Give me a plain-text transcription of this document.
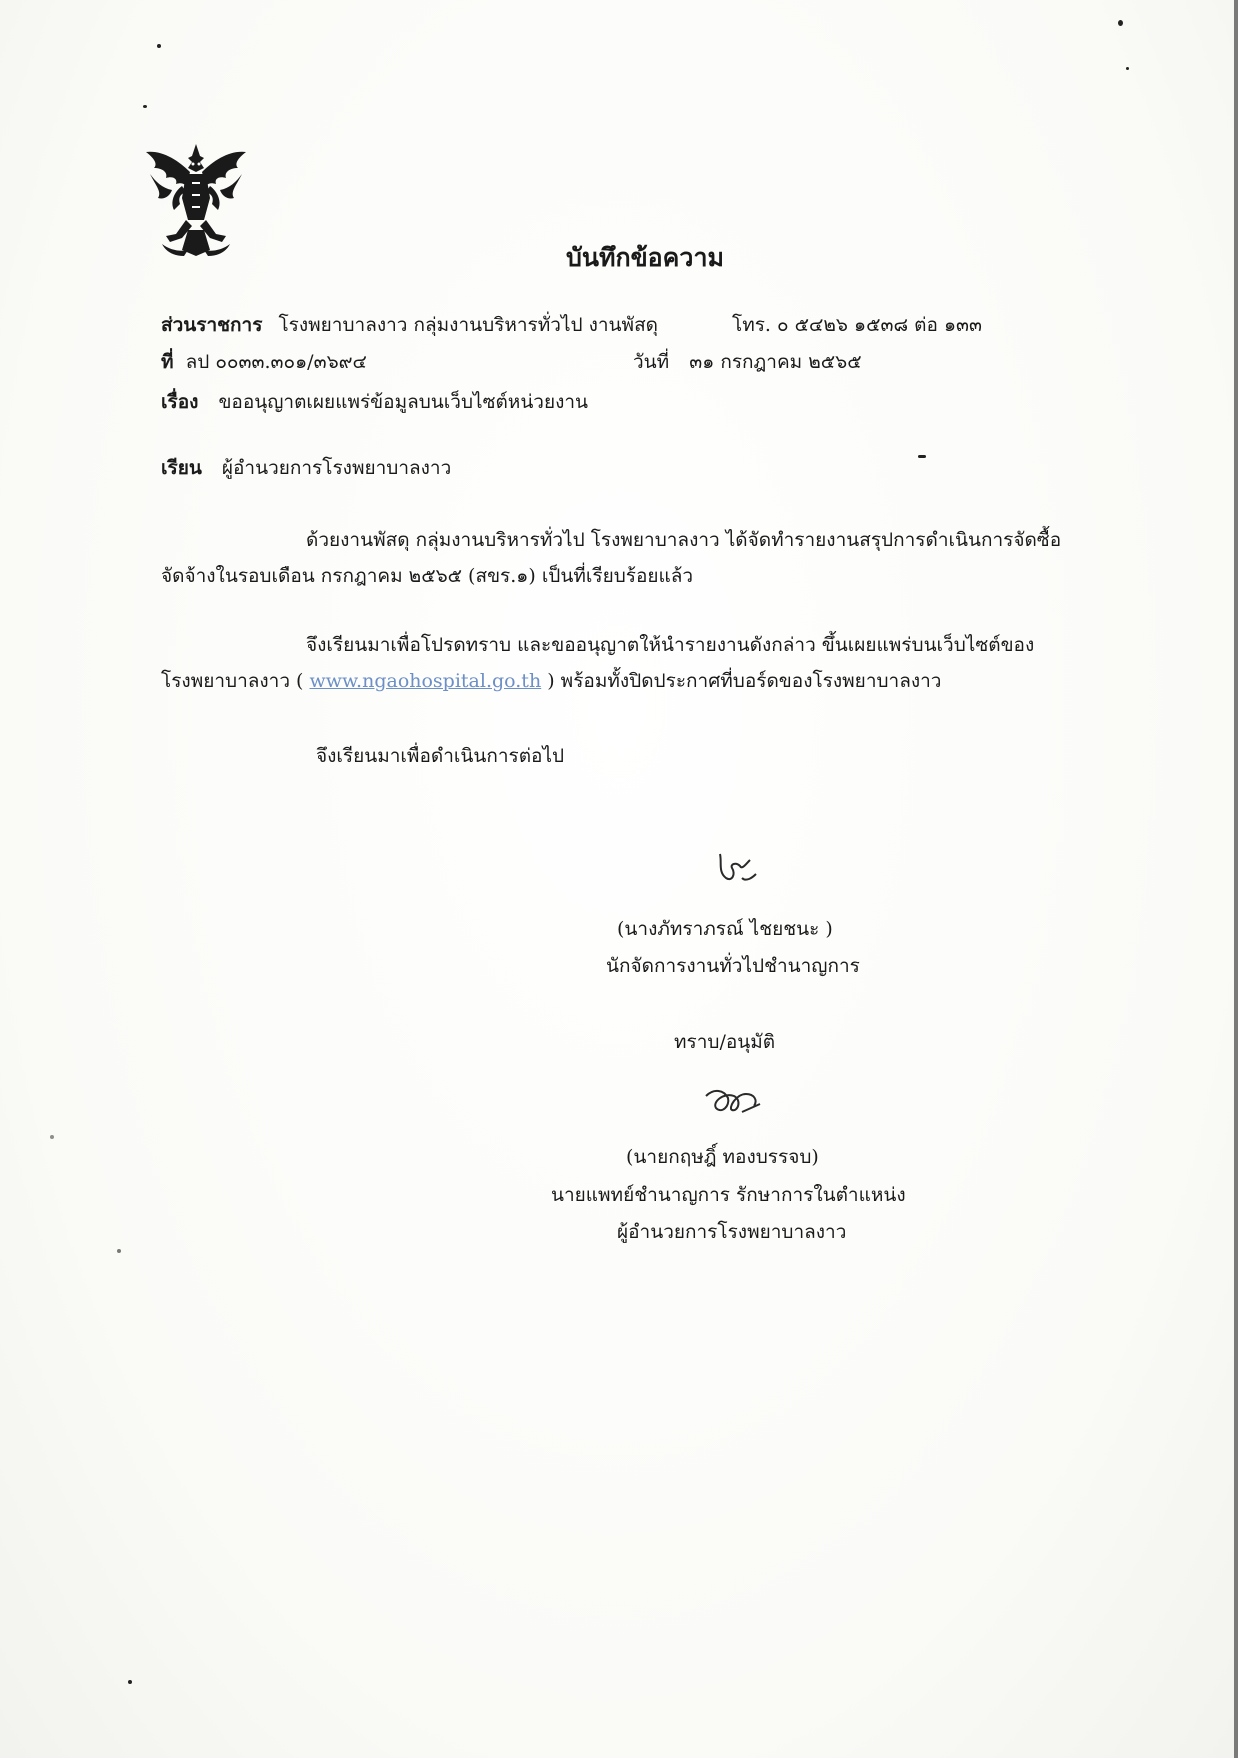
บันทึกข้อความ
ส่วนราชการ โรงพยาบาลงาว กลุ่มงานบริหารทั่วไป งานพัสดุ	โทร. ๐ ๕๔๒๖ ๑๕๓๘ ต่อ ๑๓๓
ที่ ลป ๐๐๓๓.๓๐๑/๓๖๙๔	วันที่ ๓๑ กรกฎาคม ๒๕๖๕
เรื่อง ขออนุญาตเผยแพร่ข้อมูลบนเว็บไซต์หน่วยงาน
เรียน ผู้อำนวยการโรงพยาบาลงาว
ด้วยงานพัสดุ กลุ่มงานบริหารทั่วไป โรงพยาบาลงาว ได้จัดทำรายงานสรุปการดำเนินการจัดซื้อ
จัดจ้างในรอบเดือน กรกฎาคม ๒๕๖๕ (สขร.๑) เป็นที่เรียบร้อยแล้ว
จึงเรียนมาเพื่อโปรดทราบ และขออนุญาตให้นำรายงานดังกล่าว ขึ้นเผยแพร่บนเว็บไซต์ของ
โรงพยาบาลงาว ( www.ngaohospital.go.th ) พร้อมทั้งปิดประกาศที่บอร์ดของโรงพยาบาลงาว
จึงเรียนมาเพื่อดำเนินการต่อไป
(นางภัทราภรณ์ ไชยชนะ )
นักจัดการงานทั่วไปชำนาญการ
ทราบ/อนุมัติ
(นายกฤษฎิ์ ทองบรรจบ)
นายแพทย์ชำนาญการ รักษาการในตำแหน่ง
ผู้อำนวยการโรงพยาบาลงาว
